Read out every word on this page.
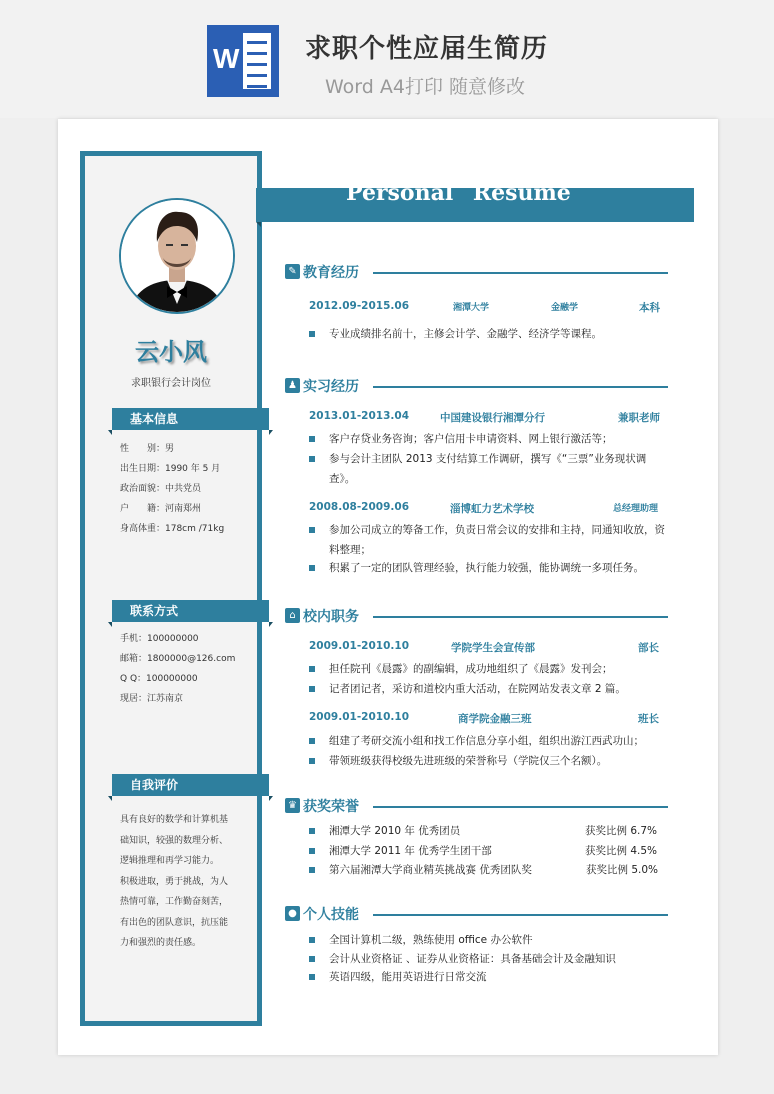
W	求职个性应届生简历
Word A4打印 随意修改
云小风
求职银行会计岗位
基本信息
性　　别：男
出生日期：1990 年 5 月
政治面貌：中共党员
户　　籍：河南郑州
身高体重：178cm /71kg
联系方式
手机：100000000
邮箱：1800000@126.com
Q Q：100000000
现居：江苏南京
自我评价
具有良好的数学和计算机基
础知识，较强的数理分析、
逻辑推理和再学习能力。
积极进取，勇于挑战，为人
热情可靠，工作勤奋刻苦，
有出色的团队意识，抗压能
力和强烈的责任感。
Personal Resume
✎ 教育经历
2012.09-2015.06	湘潭大学	金融学	本科
专业成绩排名前十，主修会计学、金融学、经济学等课程。
♟ 实习经历
2013.01-2013.04	中国建设银行湘潭分行	兼职老师
客户存贷业务咨询；客户信用卡申请资料、网上银行激活等；
参与会计主团队 2013 支付结算工作调研，撰写《“三票”业务现状调查》。
2008.08-2009.06	淄博虹力艺术学校	总经理助理
参加公司成立的筹备工作，负责日常会议的安排和主持，同通知收放，资料整理；
积累了一定的团队管理经验，执行能力较强，能协调统一多项任务。
⌂ 校内职务
2009.01-2010.10	学院学生会宣传部	部长
担任院刊《晨露》的副编辑，成功地组织了《晨露》发刊会；
记者团记者，采访和道校内重大活动，在院网站发表文章 2 篇。
2009.01-2010.10	商学院金融三班	班长
组建了考研交流小组和找工作信息分享小组，组织出游江西武功山；
带领班级获得校级先进班级的荣誉称号（学院仅三个名额）。
♛ 获奖荣誉
湘潭大学 2010 年 优秀团员	获奖比例 6.7%

湘潭大学 2011 年 优秀学生团干部	获奖比例 4.5%

第六届湘潭大学商业精英挑战赛 优秀团队奖	获奖比例 5.0%

● 个人技能
全国计算机二级，熟练使用 office 办公软件
会计从业资格证 、证券从业资格证：具备基础会计及金融知识
英语四级，能用英语进行日常交流
